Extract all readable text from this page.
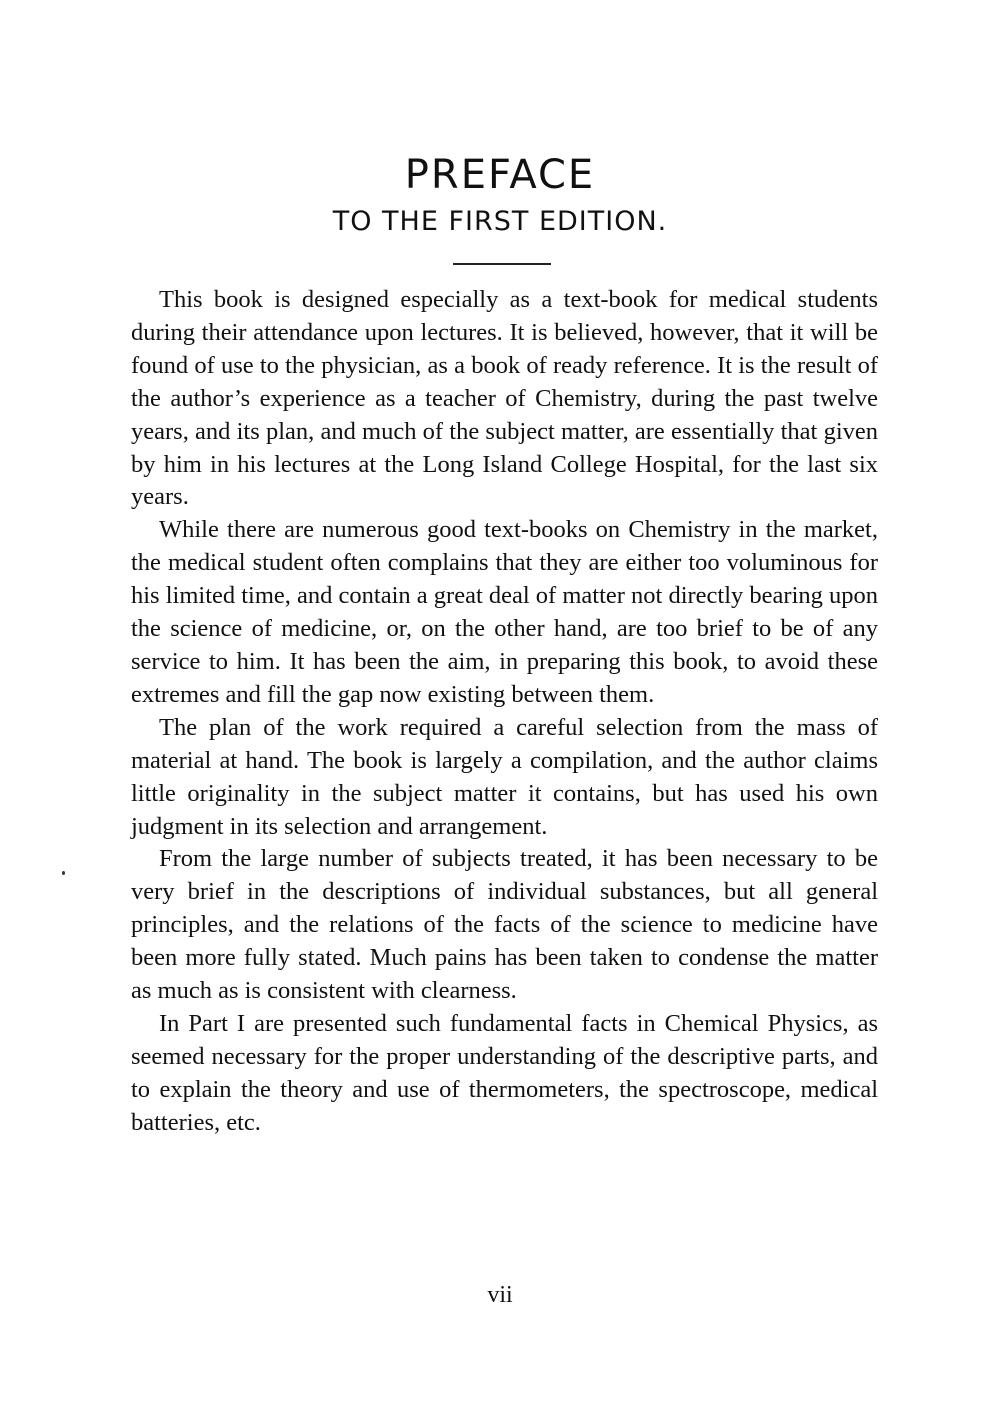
PREFACE
TO THE FIRST EDITION.

This book is designed especially as a text-book for medical students during their attendance upon lectures. It is believed, however, that it will be found of use to the physician, as a book of ready reference. It is the result of the author’s experience as a teacher of Chemistry, during the past twelve years, and its plan, and much of the subject matter, are essentially that given by him in his lectures at the Long Island College Hospital, for the last six years.

While there are numerous good text-books on Chemistry in the market, the medical student often complains that they are either too voluminous for his limited time, and contain a great deal of matter not directly bearing upon the science of medicine, or, on the other hand, are too brief to be of any service to him. It has been the aim, in preparing this book, to avoid these extremes and fill the gap now existing between them.

The plan of the work required a careful selection from the mass of material at hand. The book is largely a compilation, and the author claims little originality in the subject matter it contains, but has used his own judgment in its selection and arrangement.

From the large number of subjects treated, it has been necessary to be very brief in the descriptions of individual substances, but all general principles, and the relations of the facts of the science to medicine have been more fully stated. Much pains has been taken to condense the matter as much as is consistent with clearness.

In Part I are presented such fundamental facts in Chemical Physics, as seemed necessary for the proper understanding of the descriptive parts, and to explain the theory and use of thermometers, the spectroscope, medical batteries, etc.

vii
